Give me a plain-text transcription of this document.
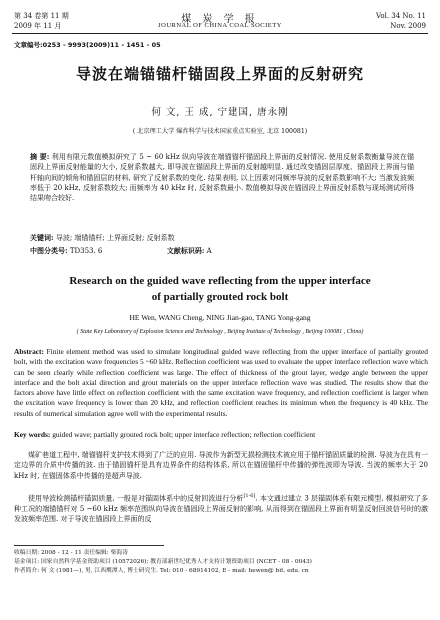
第 34 卷第 11 期
2009 年 11 月
煤 炭 学 报
JOURNAL OF CHINA COAL SOCIETY
Vol. 34 No. 11
Nov. 2009
文章编号:0253 - 9993(2009)11 - 1451 - 05
导波在端锚锚杆锚固段上界面的反射研究
何 文, 王 成, 宁建国, 唐永刚
( 北京理工大学 爆炸科学与技术国家重点实验室, 北京 100081)
摘 要: 利用有限元数值模拟研究了 5 ~ 60 kHz 纵向导波在端锚锚杆锚固段上界面的反射情况. 使用反射系数衡量导波在锚固段上界面反射能量的大小, 反射系数越大, 即导波在锚固段上界面的反射越明显. 通过改变锚固层厚度、锚固段上界面与锚杆轴向间的倾角和锚固层的材料, 研究了反射系数的变化. 结果表明, 以上因素对同频率导波的反射系数影响不大; 当激发波频率低于 20 kHz, 反射系数较大; 而频率为 40 kHz 时, 反射系数最小. 数值模拟导波在锚固段上界面反射系数与现场测试所得结果吻合较好.
关键词: 导波; 端锚锚杆; 上界面反射; 反射系数
中图分类号: TD353. 6	文献标识码: A
Research on the guided wave reflecting from the upper interface
of partially grouted rock bolt
HE Wen, WANG Cheng, NING Jian-gao, TANG Yong-gang
( State Key Laboratory of Explosion Science and Technology , Beijing Institute of Technology , Beijing 100081 , China)
Abstract: Finite element method was used to simulate longitudinal guided wave reflecting from the upper interface of partially grouted bolt, with the excitation wave frequencies 5 ~60 kHz. Reflection coefficient was used to evaluate the upper interface reflection wave which can be seen clearly while reflection coefficient was large. The effect of thickness of the grout layer, wedge angle between the upper interface and the bolt axial direction and grout materials on the upper interface reflection wave was studied. The results show that the factors above have little effect on reflection coefficient with the same excitation wave frequency, and reflection coefficient is larger when the excitation wave frequency is lower than 20 kHz, and reflection coefficient reaches its minimun when the frequency is 40 kHz. The results of numerical simulation agree well with the experimental results.
Key words: guided wave; partially grouted rock bolt; upper interface reflection; reflection coefficient
煤矿巷道工程中, 端锚锚杆支护技术得到了广泛的应用. 导波作为新型无损检测技术被应用于锚杆锚固质量的检测. 导波为在具有一定边界的介质中传播的波. 由于锚固锚杆是具有边界条件的结构体系, 所以在锚固锚杆中传播的弹性波即为导波. 当波的频率大于 20 kHz 时, 在锚固体系中传播的是超声导波.
使用导波检测锚杆锚固质量, 一般是对锚固体系中的反射回波进行分析[1-6]. 本文通过建立 3 层锚固体系有限元模型, 模拟研究了多种工况的端锚锚杆对 5 ~60 kHz 频率范围纵向导波在锚固段上界面反射的影响, 从而得到在锚固段上界面有明显反射回波信号时的激发波频率范围. 对于导波在锚固段上界面的反
收稿日期: 2008 - 12 - 11 责任编辑: 柴海涛
基金项目: 国家自然科学基金资助项目 (10572026); 教育部新世纪优秀人才支持计划资助项目 (NCET - 08 - 0043)
作者简介: 何 文 (1981—), 男, 江西鹰潭人, 博士研究生. Tel: 010 - 68914102, E - mail: hewen@ bit. edu. cn
